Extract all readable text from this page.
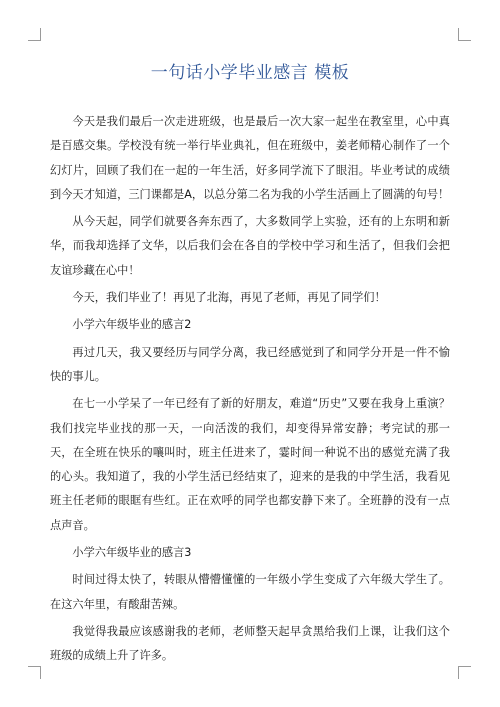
一句话小学毕业感言 模板

今天是我们最后一次走进班级，也是最后一次大家一起坐在教室里，心中真是百感交集。学校没有统一举行毕业典礼，但在班级中，姜老师精心制作了一个幻灯片，回顾了我们在一起的一年生活，好多同学流下了眼泪。毕业考试的成绩到今天才知道，三门课都是A，以总分第二名为我的小学生活画上了圆满的句号！

从今天起，同学们就要各奔东西了，大多数同学上实验，还有的上东明和新华，而我却选择了文华，以后我们会在各自的学校中学习和生活了，但我们会把友谊珍藏在心中！

今天，我们毕业了！再见了北海，再见了老师，再见了同学们！

小学六年级毕业的感言2

再过几天，我又要经历与同学分离，我已经感觉到了和同学分开是一件不愉快的事儿。

在七一小学呆了一年已经有了新的好朋友，难道“历史”又要在我身上重演？我们找完毕业找的那一天，一向活泼的我们，却变得异常安静；考完试的那一天，在全班在快乐的嚷叫时，班主任进来了，霎时间一种说不出的感觉充满了我的心头。我知道了，我的小学生活已经结束了，迎来的是我的中学生活，我看见班主任老师的眼眶有些红。正在欢呼的同学也都安静下来了。全班静的没有一点点声音。

小学六年级毕业的感言3

时间过得太快了，转眼从懵懵懂懂的一年级小学生变成了六年级大学生了。在这六年里，有酸甜苦辣。

我觉得我最应该感谢我的老师，老师整天起早贪黑给我们上课，让我们这个班级的成绩上升了许多。
